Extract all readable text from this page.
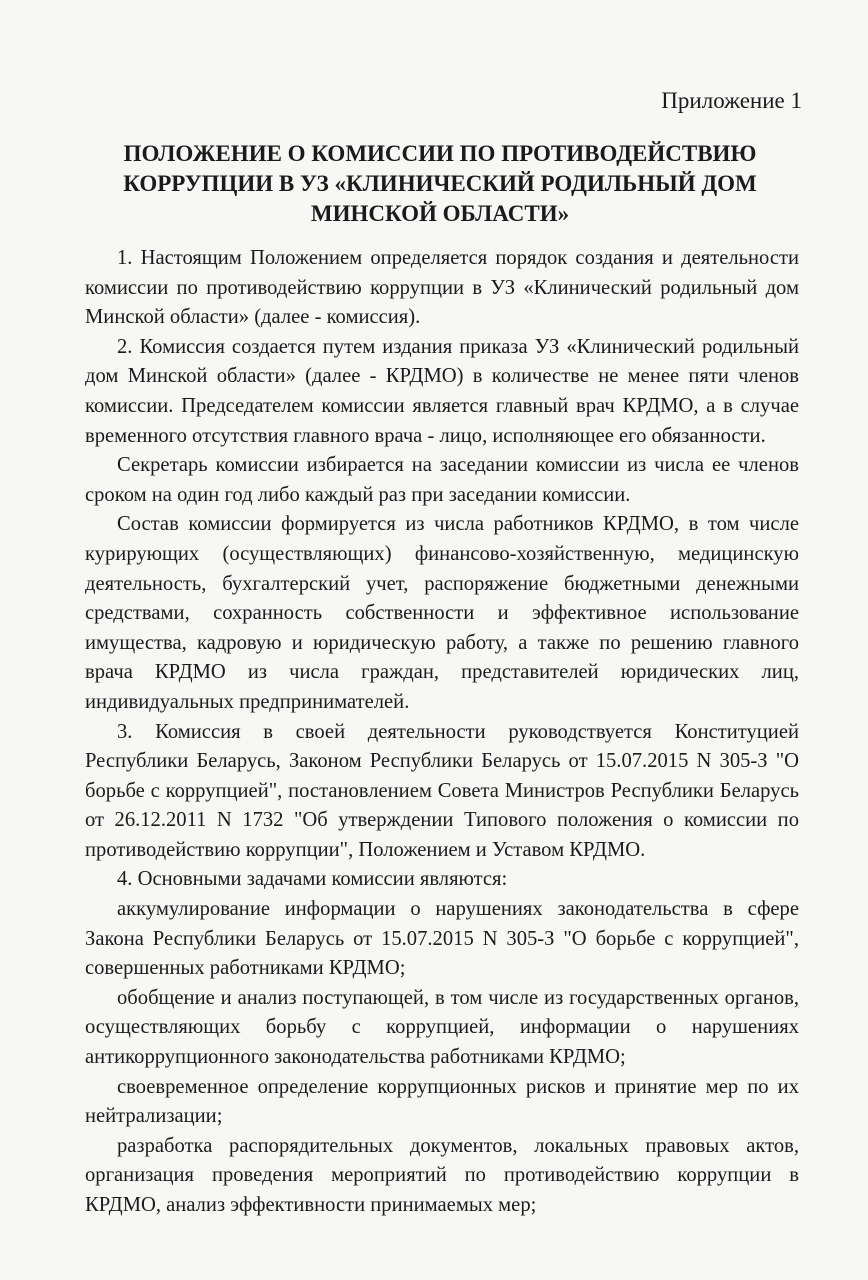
Приложение 1
ПОЛОЖЕНИЕ О КОМИССИИ ПО ПРОТИВОДЕЙСТВИЮ
КОРРУПЦИИ В УЗ «КЛИНИЧЕСКИЙ РОДИЛЬНЫЙ ДОМ
МИНСКОЙ ОБЛАСТИ»

1. Настоящим Положением определяется порядок создания и деятельности комиссии по противодействию коррупции в УЗ «Клинический родильный дом Минской области» (далее - комиссия).

2. Комиссия создается путем издания приказа УЗ «Клинический родильный дом Минской области» (далее - КРДМО) в количестве не менее пяти членов комиссии. Председателем комиссии является главный врач КРДМО, а в случае временного отсутствия главного врача - лицо, исполняющее его обязанности.

Секретарь комиссии избирается на заседании комиссии из числа ее членов сроком на один год либо каждый раз при заседании комиссии.

Состав комиссии формируется из числа работников КРДМО, в том числе курирующих (осуществляющих) финансово-хозяйственную, медицинскую деятельность, бухгалтерский учет, распоряжение бюджетными денежными средствами, сохранность собственности и эффективное использование имущества, кадровую и юридическую работу, а также по решению главного врача КРДМО из числа граждан, представителей юридических лиц, индивидуальных предпринимателей.

3. Комиссия в своей деятельности руководствуется Конституцией Республики Беларусь, Законом Республики Беларусь от 15.07.2015 N 305-З "О борьбе с коррупцией", постановлением Совета Министров Республики Беларусь от 26.12.2011 N 1732 "Об утверждении Типового положения о комиссии по противодействию коррупции", Положением и Уставом КРДМО.

4. Основными задачами комиссии являются:

аккумулирование информации о нарушениях законодательства в сфере Закона Республики Беларусь от 15.07.2015 N 305-З "О борьбе с коррупцией", совершенных работниками КРДМО;

обобщение и анализ поступающей, в том числе из государственных органов, осуществляющих борьбу с коррупцией, информации о нарушениях антикоррупционного законодательства работниками КРДМО;

своевременное определение коррупционных рисков и принятие мер по их нейтрализации;

разработка распорядительных документов, локальных правовых актов, организация проведения мероприятий по противодействию коррупции в КРДМО, анализ эффективности принимаемых мер;
